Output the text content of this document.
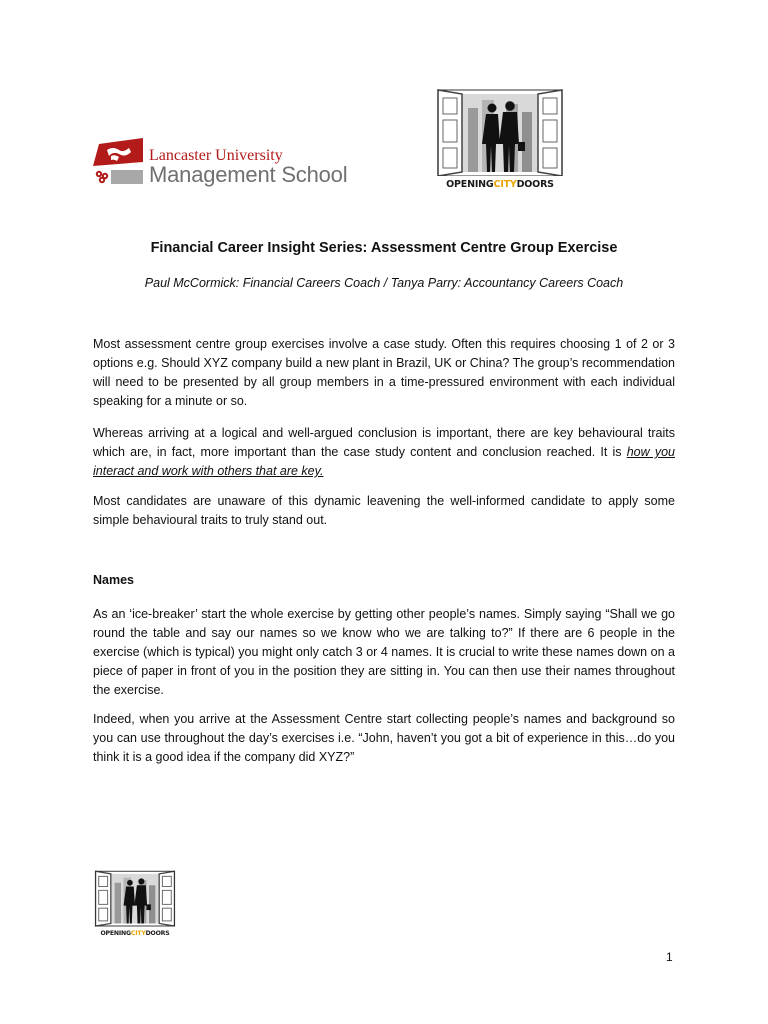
Lancaster University
Management School	OPENINGCITYDOORS
Financial Career Insight Series: Assessment Centre Group Exercise
Paul McCormick: Financial Careers Coach / Tanya Parry: Accountancy Careers Coach

Most assessment centre group exercises involve a case study. Often this requires choosing 1 of 2 or 3 options e.g. Should XYZ company build a new plant in Brazil, UK or China? The group’s recommendation will need to be presented by all group members in a time-pressured environment with each individual speaking for a minute or so.

Whereas arriving at a logical and well-argued conclusion is important, there are key behavioural traits which are, in fact, more important than the case study content and conclusion reached. It is how you interact and work with others that are key.

Most candidates are unaware of this dynamic leavening the well-informed candidate to apply some simple behavioural traits to truly stand out.

Names

As an ‘ice-breaker’ start the whole exercise by getting other people’s names. Simply saying “Shall we go round the table and say our names so we know who we are talking to?” If there are 6 people in the exercise (which is typical) you might only catch 3 or 4 names. It is crucial to write these names down on a piece of paper in front of you in the position they are sitting in. You can then use their names throughout the exercise.

Indeed, when you arrive at the Assessment Centre start collecting people’s names and background so you can use throughout the day’s exercises i.e. “John, haven’t you got a bit of experience in this…do you think it is a good idea if the company did XYZ?”

OPENINGCITYDOORS
1
